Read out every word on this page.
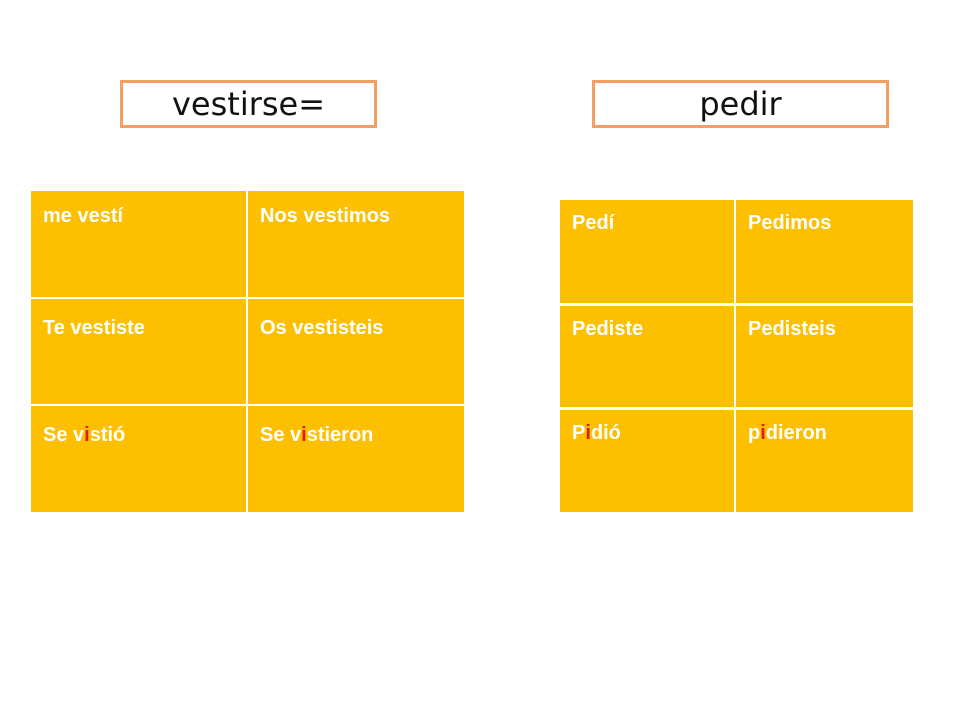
vestirse=	pedir
me vestí	Nos vestimos

Te vestiste	Os vestisteis

Se vistió	Se vistieron
Pedí	Pedimos

Pediste	Pedisteis

Pidió	pidieron
